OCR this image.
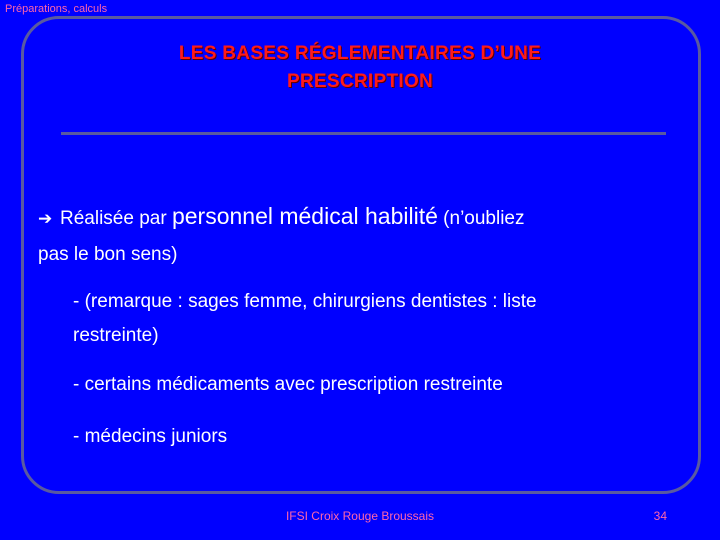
Préparations, calculs
LES BASES RÉGLEMENTAIRES D’UNE
PRESCRIPTION

➔ Réalisée par personnel médical habilité (n’oubliez

pas le bon sens)

- (remarque : sages femme, chirurgiens dentistes : liste
restreinte)
- certains médicaments avec prescription restreinte
- médecins juniors
IFSI Croix Rouge Broussais	34
